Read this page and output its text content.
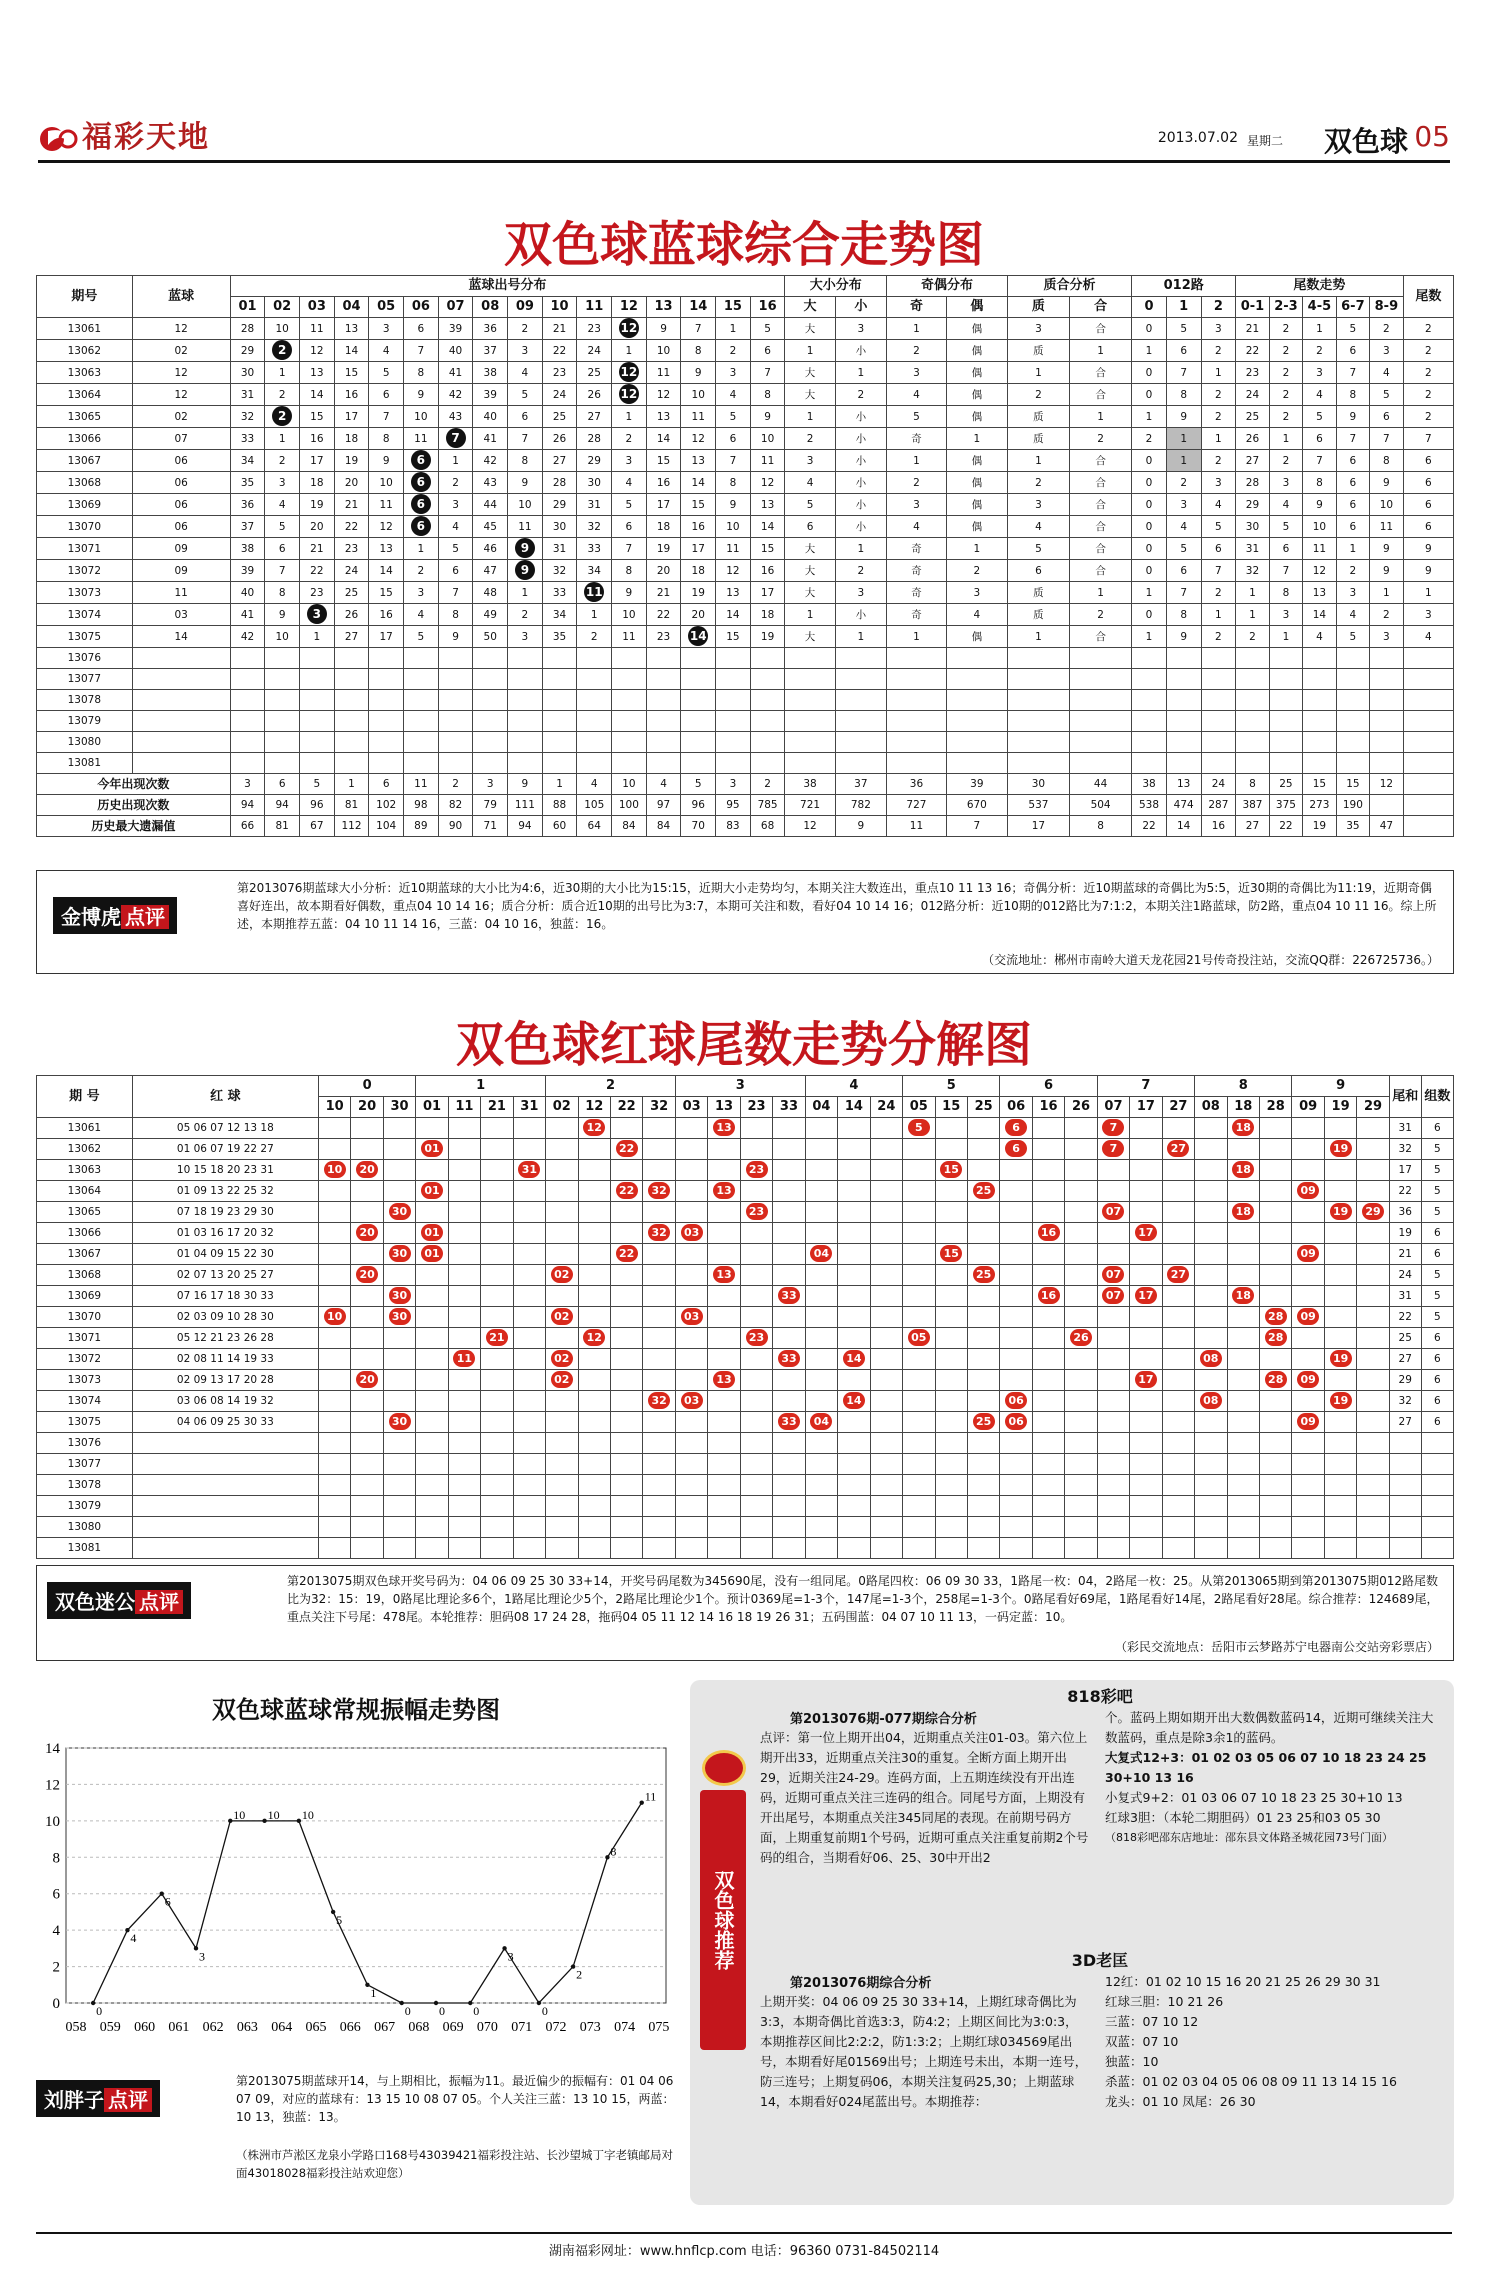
福彩天地	2013.07.02 星期二 双色球 05
双色球蓝球综合走势图
期号	蓝球	蓝球出号分布																大小分布		奇偶分布		质合分析		012路			尾数走势					尾数
		01	02	03	04	05	06	07	08	09	10	11	12	13	14	15	16	大	小	奇	偶	质	合	0	1	2	0-1	2-3	4-5	6-7	8-9	
13061	12	28	10	11	13	3	6	39	36	2	21	23	12	9	7	1	5	大	3	1	偶	3	合	0	5	3	21	2	1	5	2	2
13062	02	29	2	12	14	4	7	40	37	3	22	24	1	10	8	2	6	1	小	2	偶	质	1	1	6	2	22	2	2	6	3	2
13063	12	30	1	13	15	5	8	41	38	4	23	25	12	11	9	3	7	大	1	3	偶	1	合	0	7	1	23	2	3	7	4	2
13064	12	31	2	14	16	6	9	42	39	5	24	26	12	12	10	4	8	大	2	4	偶	2	合	0	8	2	24	2	4	8	5	2
13065	02	32	2	15	17	7	10	43	40	6	25	27	1	13	11	5	9	1	小	5	偶	质	1	1	9	2	25	2	5	9	6	2
13066	07	33	1	16	18	8	11	7	41	7	26	28	2	14	12	6	10	2	小	奇	1	质	2	2	1	1	26	1	6	7	7	7
13067	06	34	2	17	19	9	6	1	42	8	27	29	3	15	13	7	11	3	小	1	偶	1	合	0	1	2	27	2	7	6	8	6
13068	06	35	3	18	20	10	6	2	43	9	28	30	4	16	14	8	12	4	小	2	偶	2	合	0	2	3	28	3	8	6	9	6
13069	06	36	4	19	21	11	6	3	44	10	29	31	5	17	15	9	13	5	小	3	偶	3	合	0	3	4	29	4	9	6	10	6
13070	06	37	5	20	22	12	6	4	45	11	30	32	6	18	16	10	14	6	小	4	偶	4	合	0	4	5	30	5	10	6	11	6
13071	09	38	6	21	23	13	1	5	46	9	31	33	7	19	17	11	15	大	1	奇	1	5	合	0	5	6	31	6	11	1	9	9
13072	09	39	7	22	24	14	2	6	47	9	32	34	8	20	18	12	16	大	2	奇	2	6	合	0	6	7	32	7	12	2	9	9
13073	11	40	8	23	25	15	3	7	48	1	33	11	9	21	19	13	17	大	3	奇	3	质	1	1	7	2	1	8	13	3	1	1
13074	03	41	9	3	26	16	4	8	49	2	34	1	10	22	20	14	18	1	小	奇	4	质	2	0	8	1	1	3	14	4	2	3
13075	14	42	10	1	27	17	5	9	50	3	35	2	11	23	14	15	19	大	1	1	偶	1	合	1	9	2	2	1	4	5	3	4
13076																																
13077																																
13078																																
13079																																
13080																																
13081																																
今年出现次数		3	6	5	1	6	11	2	3	9	1	4	10	4	5	3	2	38	37	36	39	30	44	38	13	24	8	25	15	15	12	
历史出现次数		94	94	96	81	102	98	82	79	111	88	105	100	97	96	95	785	721	782	727	670	537	504	538	474	287	387	375	273	190		
历史最大遗漏值		66	81	67	112	104	89	90	71	94	60	64	84	84	70	83	68	12	9	11	7	17	8	22	14	16	27	22	19	35	47	
金博虎 点评
第2013076期蓝球大小分析：近10期蓝球的大小比为4:6，近30期的大小比为15:15，近期大小走势均匀，本期关注大数连出，重点10 11 13 16；奇偶分析：近10期蓝球的奇偶比为5:5，近30期的奇偶比为11:19，近期奇偶喜好连出，故本期看好偶数，重点04 10 14 16；质合分析：质合近10期的出号比为3:7，本期可关注和数，看好04 10 14 16；012路分析：近10期的012路比为7:1:2，本期关注1路蓝球，防2路，重点04 10 11 16。综上所述，本期推荐五蓝：04 10 11 14 16，三蓝：04 10 16，独蓝：16。
（交流地址：郴州市南岭大道天龙花园21号传奇投注站，交流QQ群：226725736。）
双色球红球尾数走势分解图
期 号	红 球	0			1				2				3				4			5			6			7			8			9			尾和	组数
		10	20	30	01	11	21	31	02	12	22	32	03	13	23	33	04	14	24	05	15	25	06	16	26	07	17	27	08	18	28	09	19	29		
13061	05 06 07 12 13 18									12				13						5			6			7				18					31	6
13062	01 06 07 19 22 27				01						22												6			7		27					19		32	5
13063	10 15 18 20 23 31	10	20					31							23						15									18					17	5
13064	01 09 13 22 25 32				01						22	32		13								25										09			22	5
13065	07 18 19 23 29 30			30											23											07				18			19	29	36	5
13066	01 03 16 17 20 32		20		01							32	03											16			17								19	6
13067	01 04 09 15 22 30			30	01						22						04				15											09			21	6
13068	02 07 13 20 25 27		20						02					13								25				07		27							24	5
13069	07 16 17 18 30 33			30												33								16		07	17			18					31	5
13070	02 03 09 10 28 30	10		30					02				03																		28	09			22	5
13071	05 12 21 23 26 28						21			12					23					05					26						28				25	6
13072	02 08 11 14 19 33					11			02							33		14											08				19		27	6
13073	02 09 13 17 20 28		20						02					13													17				28	09			29	6
13074	03 06 08 14 19 32											32	03					14					06						08				19		32	6
13075	04 06 09 25 30 33			30												33	04					25	06									09			27	6
13076																																				
13077																																				
13078																																				
13079																																				
13080																																				
13081																																				
双色迷公 点评
第2013075期双色球开奖号码为：04 06 09 25 30 33+14，开奖号码尾数为345690尾，没有一组同尾。0路尾四枚：06 09 30 33，1路尾一枚：04，2路尾一枚：25。从第2013065期到第2013075期012路尾数比为32：15：19，0路尾比理论多6个，1路尾比理论少5个，2路尾比理论少1个。预计0369尾=1-3个，147尾=1-3个，258尾=1-3个。0路尾看好69尾，1路尾看好14尾，2路尾看好28尾。综合推荐：124689尾，重点关注下号尾：478尾。本轮推荐：胆码08 17 24 28，拖码04 05 11 12 14 16 18 19 26 31；五码围蓝：04 07 10 11 13，一码定蓝：10。
（彩民交流地点：岳阳市云梦路苏宁电器南公交站旁彩票店）
双色球蓝球常规振幅走势图
0
2
4
6
8
10
12
14
058 059 060 061 062 063 064 065 066 067 068 069 070 071 072 073 074 075
0
4
6
3
10 10 10
5
1
0 0 0
3
0
2
8
11
刘胖子 点评
第2013075期蓝球开14，与上期相比，振幅为11。最近偏少的振幅有：01 04 06 07 09，对应的蓝球有：13 15 10 08 07 05。个人关注三蓝：13 10 15，两蓝：10 13，独蓝：13。
（株洲市芦淞区龙泉小学路口168号43039421福彩投注站、长沙望城丁字老镇邮局对面43018028福彩投注站欢迎您）
双色球推荐
818彩吧
第2013076期-077期综合分析
点评：第一位上期开出04，近期重点关注01-03。第六位上期开出33，近期重点关注30的重复。全断方面上期开出29，近期关注24-29。连码方面，上五期连续没有开出连码，近期可重点关注三连码的组合。同尾号方面，上期没有开出尾号，本期重点关注345同尾的表现。在前期号码方面，上期重复前期1个号码，近期可重点关注重复前期2个号码的组合，当期看好06、25、30中开出2
个。蓝码上期如期开出大数偶数蓝码14，近期可继续关注大数蓝码，重点是除3余1的蓝码。
大复式12+3：01 02 03 05 06 07 10 18 23 24 25 30+10 13 16
小复式9+2：01 03 06 07 10 18 23 25 30+10 13
红球3胆：（本轮二期胆码）01 23 25和03 05 30
（818彩吧邵东店地址：邵东县文体路圣城花园73号门面）
3D老匡
第2013076期综合分析
上期开奖：04 06 09 25 30 33+14，上期红球奇偶比为3:3，本期奇偶比首选3:3，防4:2；上期区间比为3:0:3，本期推荐区间比2:2:2，防1:3:2；上期红球034569尾出号，本期看好尾01569出号；上期连号未出，本期一连号，防三连号；上期复码06，本期关注复码25,30；上期蓝球14，本期看好024尾蓝出号。本期推荐：
12红：01 02 10 15 16 20 21 25 26 29 30 31
红球三胆：10 21 26
三蓝：07 10 12
双蓝：07 10
独蓝：10
杀蓝：01 02 03 04 05 06 08 09 11 13 14 15 16
龙头：01 10 凤尾：26 30
湖南福彩网址：www.hnflcp.com 电话：96360 0731-84502114
